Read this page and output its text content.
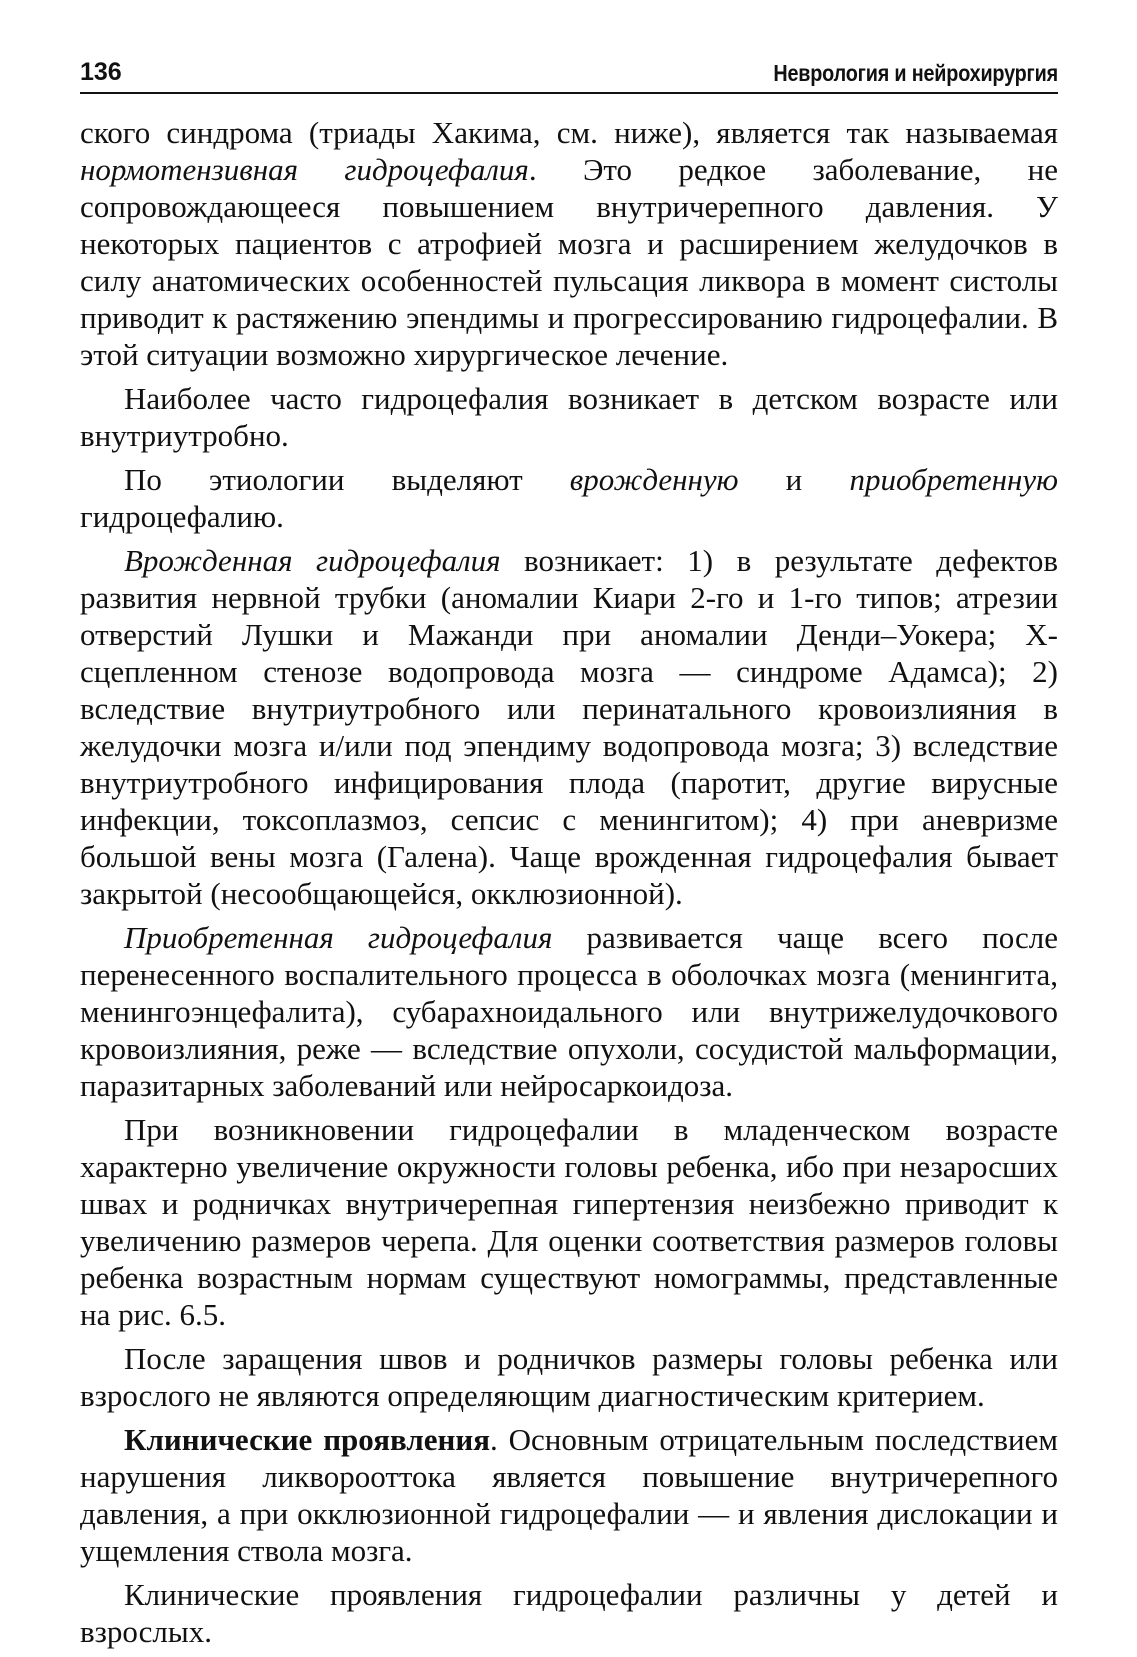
136	Неврология и нейрохирургия

ского синдрома (триады Хакима, см. ниже), является так называемая нормотензивная гидроцефалия. Это редкое заболевание, не сопровождающееся повышением внутричерепного давления. У некоторых пациентов с атрофией мозга и расширением желудочков в силу анатомических особенностей пульсация ликвора в момент систолы приводит к растяжению эпендимы и прогрессированию гидроцефалии. В этой ситуации возможно хирургическое лечение.

Наиболее часто гидроцефалия возникает в детском возрасте или внутриутробно.

По этиологии выделяют врожденную и приобретенную гидроцефалию.

Врожденная гидроцефалия возникает: 1) в результате дефектов развития нервной трубки (аномалии Киари 2-го и 1-го типов; атрезии отверстий Лушки и Мажанди при аномалии Денди–Уокера; Х-сцепленном стенозе водопровода мозга — синдроме Адамса); 2) вследствие внутриутробного или перинатального кровоизлияния в желудочки мозга и/или под эпендиму водопровода мозга; 3) вследствие внутриутробного инфицирования плода (паротит, другие вирусные инфекции, токсоплазмоз, сепсис с менингитом); 4) при аневризме большой вены мозга (Галена). Чаще врожденная гидроцефалия бывает закрытой (несообщающейся, окклюзионной).

Приобретенная гидроцефалия развивается чаще всего после перенесенного воспалительного процесса в оболочках мозга (менингита, менингоэнцефалита), субарахноидального или внутрижелудочкового кровоизлияния, реже — вследствие опухоли, сосудистой мальформации, паразитарных заболеваний или нейросаркоидоза.

При возникновении гидроцефалии в младенческом возрасте характерно увеличение окружности головы ребенка, ибо при незаросших швах и родничках внутричерепная гипертензия неизбежно приводит к увеличению размеров черепа. Для оценки соответствия размеров головы ребенка возрастным нормам существуют номограммы, представленные на рис. 6.5.

После заращения швов и родничков размеры головы ребенка или взрослого не являются определяющим диагностическим критерием.

Клинические проявления. Основным отрицательным последствием нарушения ликворооттока является повышение внутричерепного давления, а при окклюзионной гидроцефалии — и явления дислокации и ущемления ствола мозга.

Клинические проявления гидроцефалии различны у детей и взрослых.
